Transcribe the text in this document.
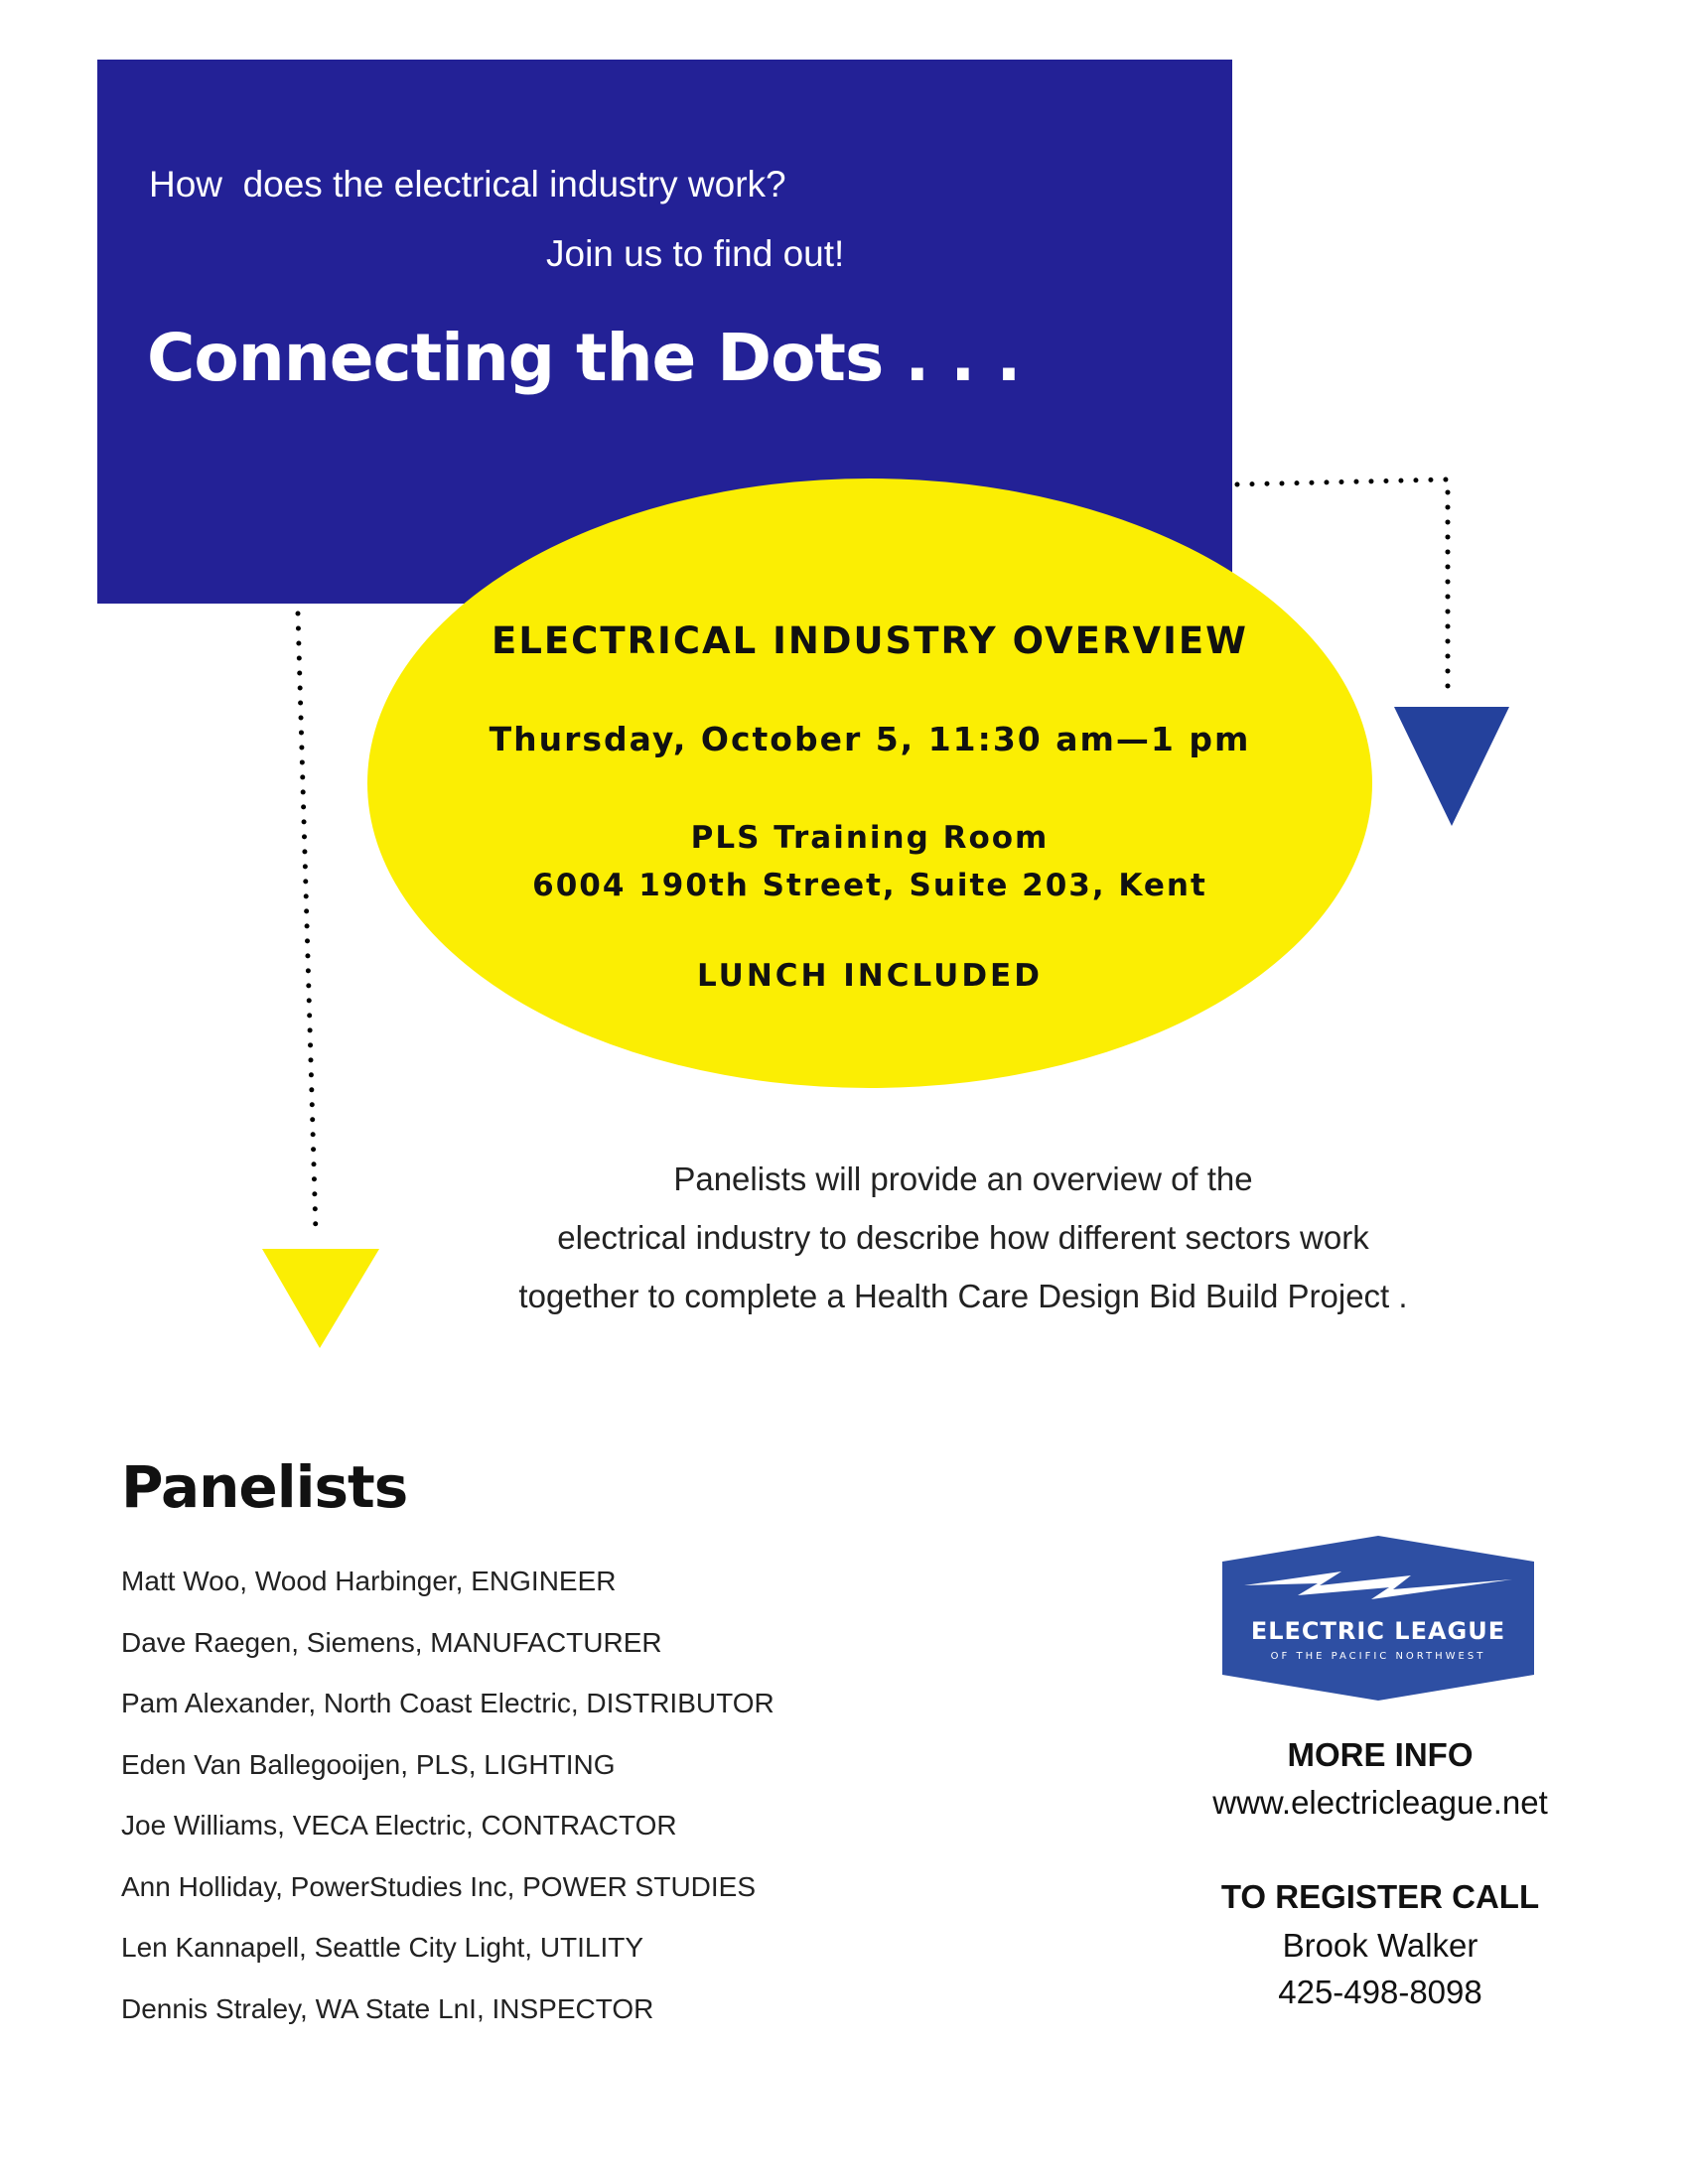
How  does the electrical industry work?
Join us to find out!
Connecting the Dots . . .
ELECTRICAL INDUSTRY OVERVIEW
Thursday, October 5, 11:30 am—1 pm
PLS Training Room
6004 190th Street, Suite 203, Kent
LUNCH INCLUDED
Panelists will provide an overview of the
electrical industry to describe how different sectors work
together to complete a Health Care Design Bid Build Project .
Panelists
Matt Woo, Wood Harbinger, ENGINEER
Dave Raegen, Siemens, MANUFACTURER
Pam Alexander, North Coast Electric, DISTRIBUTOR
Eden Van Ballegooijen, PLS, LIGHTING
Joe Williams, VECA Electric, CONTRACTOR
Ann Holliday, PowerStudies Inc, POWER STUDIES
Len Kannapell, Seattle City Light, UTILITY
Dennis Straley, WA State LnI, INSPECTOR
ELECTRIC LEAGUE
OF THE PACIFIC NORTHWEST
MORE INFO
www.electricleague.net
TO REGISTER CALL
Brook Walker
425-498-8098
